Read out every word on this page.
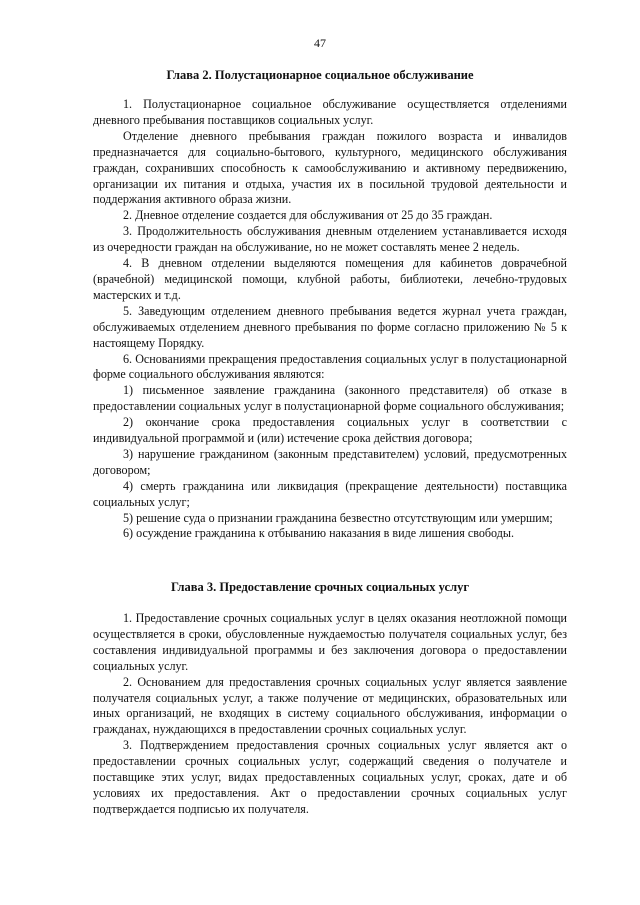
47
Глава 2. Полустационарное социальное обслуживание

1. Полустационарное социальное обслуживание осуществляется отделениями дневного пребывания поставщиков социальных услуг.

Отделение дневного пребывания граждан пожилого возраста и инвалидов предназначается для социально-бытового, культурного, медицинского обслуживания граждан, сохранивших способность к самообслуживанию и активному передвижению, организации их питания и отдыха, участия их в посильной трудовой деятельности и поддержания активного образа жизни.

2. Дневное отделение создается для обслуживания от 25 до 35 граждан.

3. Продолжительность обслуживания дневным отделением устанавливается исходя из очередности граждан на обслуживание, но не может составлять менее 2 недель.

4. В дневном отделении выделяются помещения для кабинетов доврачебной (врачебной) медицинской помощи, клубной работы, библиотеки, лечебно-трудовых мастерских и т.д.

5. Заведующим отделением дневного пребывания ведется журнал учета граждан, обслуживаемых отделением дневного пребывания по форме согласно приложению № 5 к настоящему Порядку.

6. Основаниями прекращения предоставления социальных услуг в полустационарной форме социального обслуживания являются:

1) письменное заявление гражданина (законного представителя) об отказе в предоставлении социальных услуг в полустационарной форме социального обслуживания;

2) окончание срока предоставления социальных услуг в соответствии с индивидуальной программой и (или) истечение срока действия договора;

3) нарушение гражданином (законным представителем) условий, предусмотренных договором;

4) смерть гражданина или ликвидация (прекращение деятельности) поставщика социальных услуг;

5) решение суда о признании гражданина безвестно отсутствующим или умершим;

6) осуждение гражданина к отбыванию наказания в виде лишения свободы.

Глава 3. Предоставление срочных социальных услуг

1. Предоставление срочных социальных услуг в целях оказания неотложной помощи осуществляется в сроки, обусловленные нуждаемостью получателя социальных услуг, без составления индивидуальной программы и без заключения договора о предоставлении социальных услуг.

2. Основанием для предоставления срочных социальных услуг является заявление получателя социальных услуг, а также получение от медицинских, образовательных или иных организаций, не входящих в систему социального обслуживания, информации о гражданах, нуждающихся в предоставлении срочных социальных услуг.

3. Подтверждением предоставления срочных социальных услуг является акт о предоставлении срочных социальных услуг, содержащий сведения о получателе и поставщике этих услуг, видах предоставленных социальных услуг, сроках, дате и об условиях их предоставления. Акт о предоставлении срочных социальных услуг подтверждается подписью их получателя.
